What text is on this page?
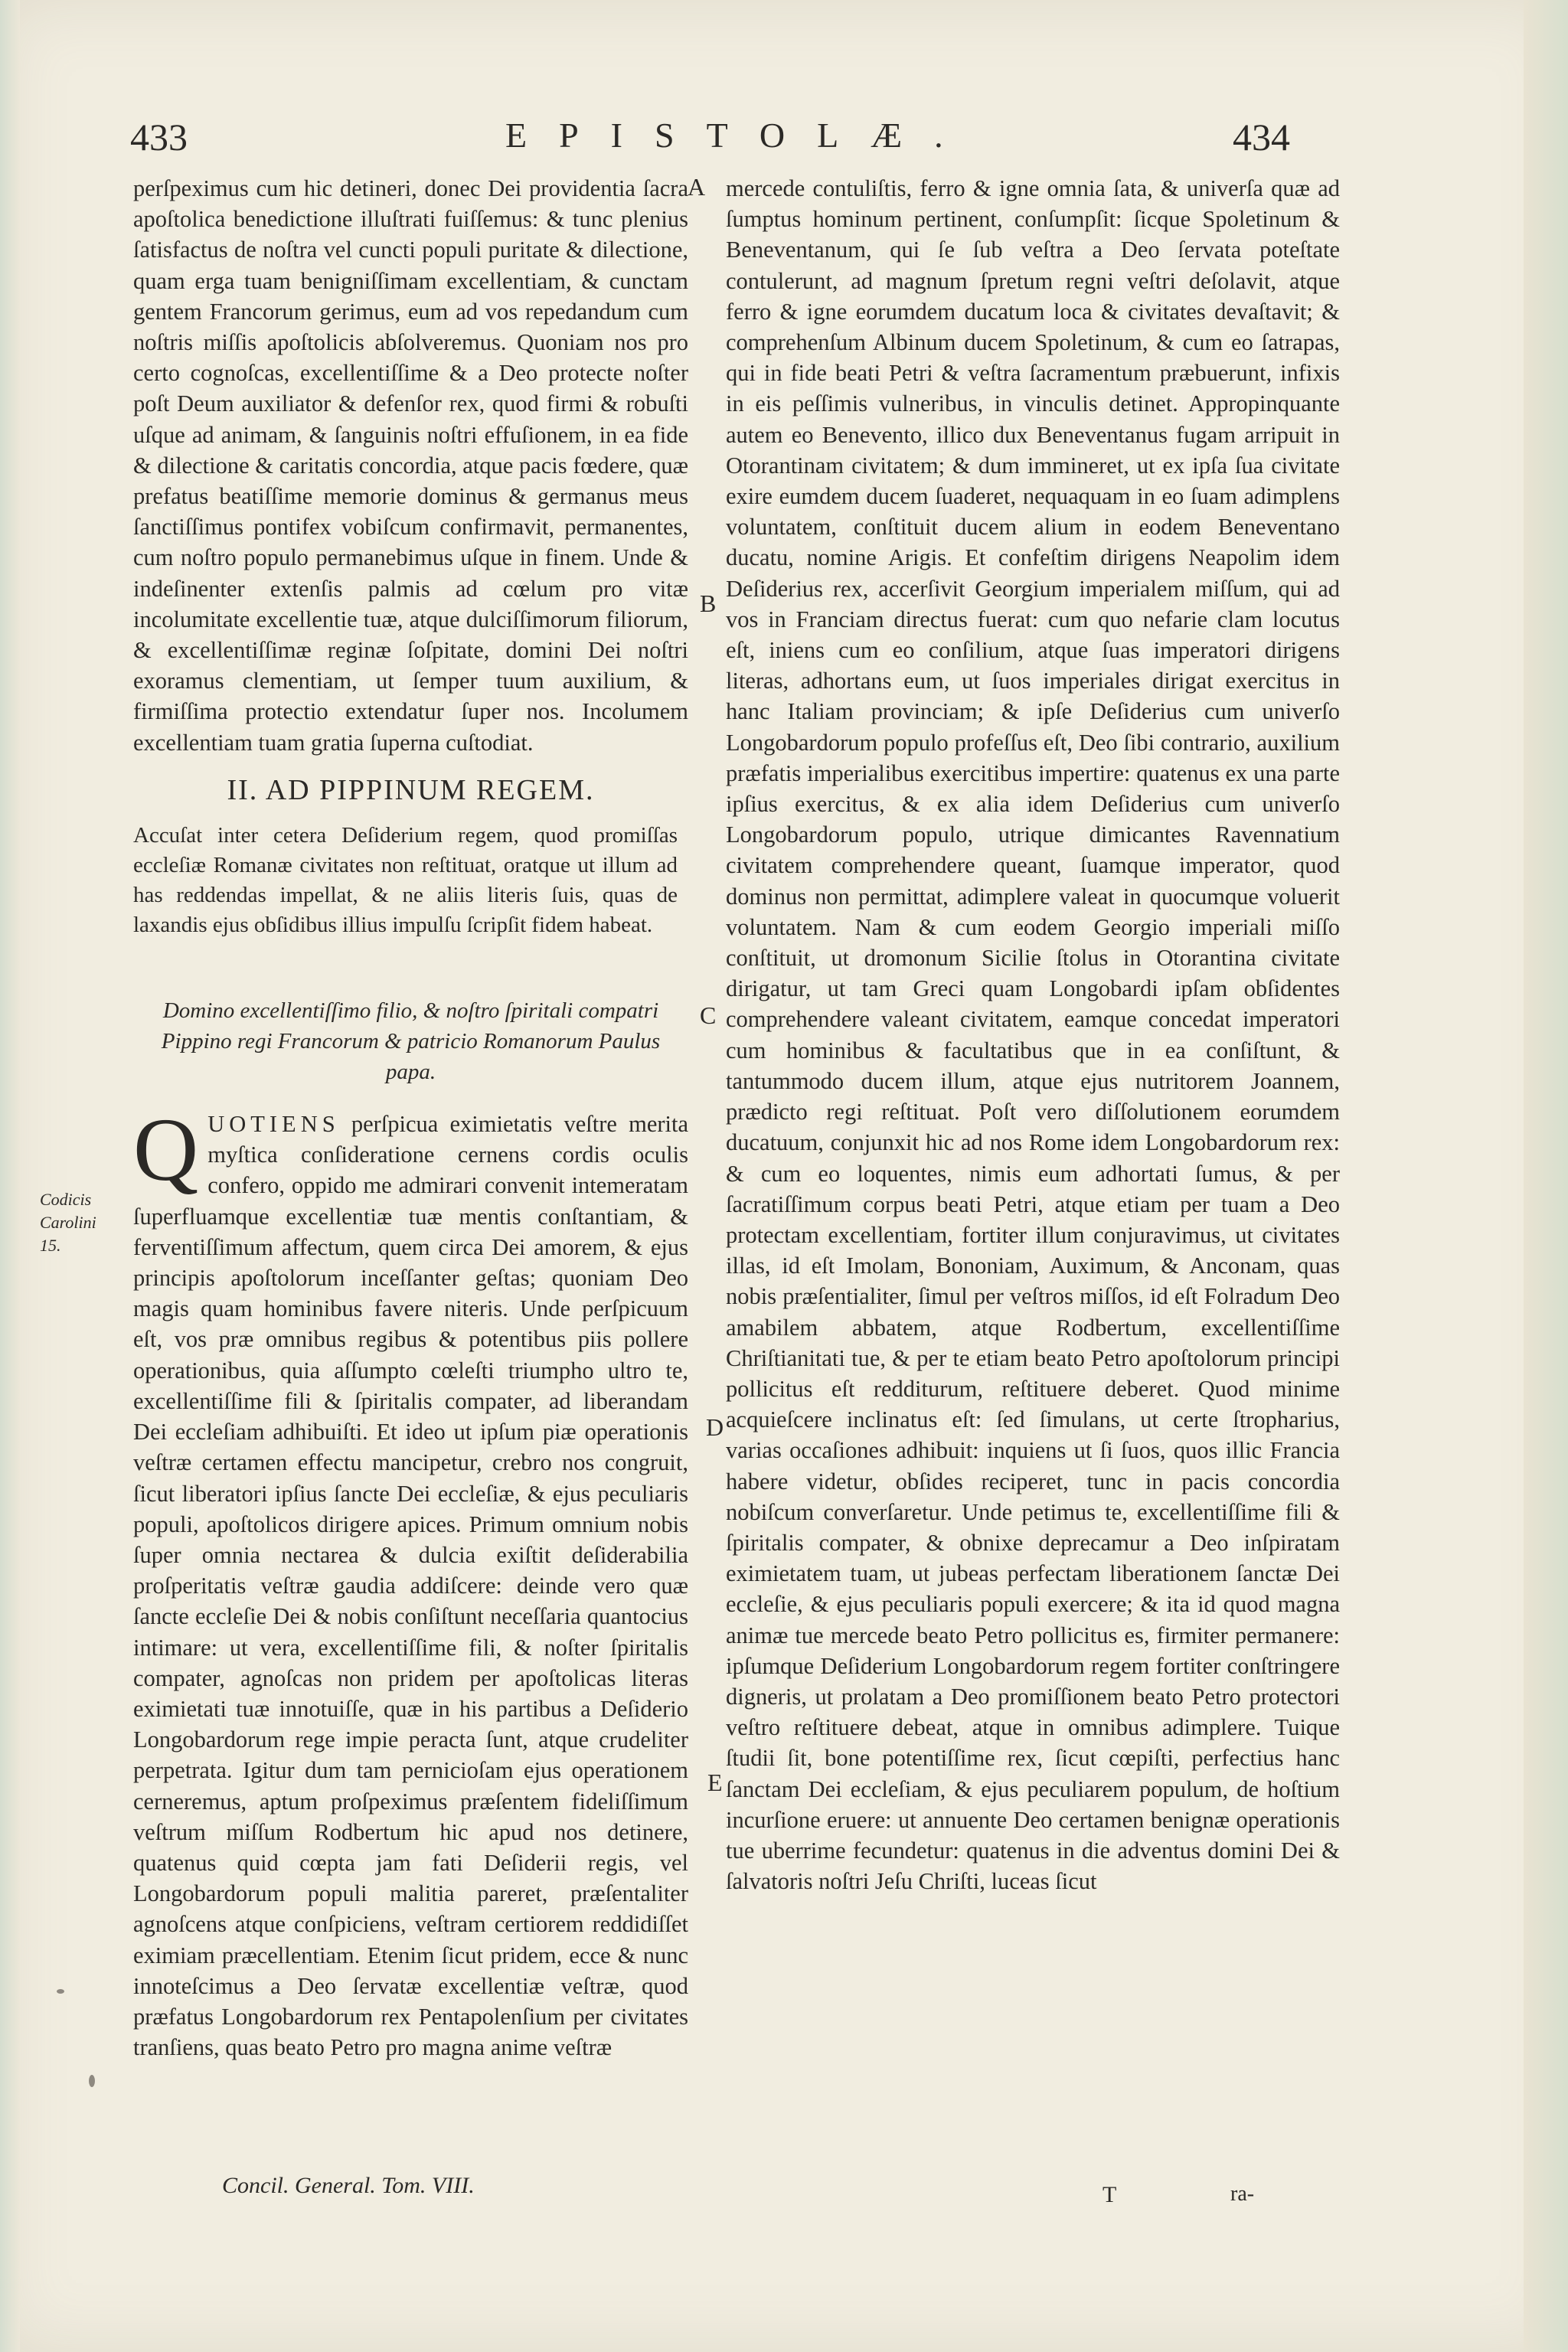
433	EPISTOLÆ.	434

perſpeximus cum hic detineri, donec Dei providentia ſacra apoſtolica benedictione illuſtrati fuiſſemus: & tunc plenius ſatisfactus de noſtra vel cuncti populi puritate & dilectione, quam erga tuam benigniſſimam excellentiam, & cunctam gentem Francorum gerimus, eum ad vos repedandum cum noſtris miſſis apoſtolicis abſolveremus. Quoniam nos pro certo cognoſcas, excellentiſſime & a Deo protecte noſter poſt Deum auxiliator & defenſor rex, quod firmi & robuſti uſque ad animam, & ſanguinis noſtri effuſionem, in ea fide & dilectione & caritatis concordia, atque pacis fœdere, quæ prefatus beatiſſime memorie dominus & germanus meus ſanctiſſimus pontifex vobiſcum confirmavit, permanentes, cum noſtro populo permanebimus uſque in finem. Unde & indeſinenter extenſis palmis ad cœlum pro vitæ incolumitate excellentie tuæ, atque dulciſſimorum filiorum, & excellentiſſimæ reginæ ſoſpitate, domini Dei noſtri exoramus clementiam, ut ſemper tuum auxilium, & firmiſſima protectio extendatur ſuper nos. Incolumem excellentiam tuam gratia ſuperna cuſtodiat.

II. AD PIPPINUM REGEM.

Accuſat inter cetera Deſiderium regem, quod promiſſas eccleſiæ Romanæ civitates non reſtituat, oratque ut illum ad has reddendas impellat, & ne aliis literis ſuis, quas de laxandis ejus obſidibus illius impulſu ſcripſit fidem habeat.

Domino excellentiſſimo filio, & noſtro ſpiritali compatri Pippino regi Francorum & patricio Romanorum Paulus papa.

QUOTIENS perſpicua eximietatis veſtre merita myſtica conſideratione cernens cordis oculis confero, oppido me admirari convenit intemeratam ſuperfluamque excellentiæ tuæ mentis conſtantiam, & ferventiſſimum affectum, quem circa Dei amorem, & ejus principis apoſtolorum inceſſanter geſtas; quoniam Deo magis quam hominibus favere niteris. Unde perſpicuum eſt, vos præ omnibus regibus & potentibus piis pollere operationibus, quia aſſumpto cœleſti triumpho ultro te, excellentiſſime fili & ſpiritalis compater, ad liberandam Dei eccleſiam adhibuiſti. Et ideo ut ipſum piæ operationis veſtræ certamen effectu mancipetur, crebro nos congruit, ſicut liberatori ipſius ſancte Dei eccleſiæ, & ejus peculiaris populi, apoſtolicos dirigere apices. Primum omnium nobis ſuper omnia nectarea & dulcia exiſtit deſiderabilia proſperitatis veſtræ gaudia addiſcere: deinde vero quæ ſancte eccleſie Dei & nobis conſiſtunt neceſſaria quantocius intimare: ut vera, excellentiſſime fili, & noſter ſpiritalis compater, agnoſcas non pridem per apoſtolicas literas eximietati tuæ innotuiſſe, quæ in his partibus a Deſiderio Longobardorum rege impie peracta ſunt, atque crudeliter perpetrata. Igitur dum tam pernicioſam ejus operationem cerneremus, aptum proſpeximus præſentem fideliſſimum veſtrum miſſum Rodbertum hic apud nos detinere, quatenus quid cœpta jam fati Deſiderii regis, vel Longobardorum populi malitia pareret, præſentaliter agnoſcens atque conſpiciens, veſtram certiorem reddidiſſet eximiam præcellentiam. Etenim ſicut pridem, ecce & nunc innoteſcimus a Deo ſervatæ excellentiæ veſtræ, quod præfatus Longobardorum rex Pentapolenſium per civitates tranſiens, quas beato Petro pro magna anime veſtræ

Codicis Carolini 15.

mercede contuliſtis, ferro & igne omnia ſata, & univerſa quæ ad ſumptus hominum pertinent, conſumpſit: ſicque Spoletinum & Beneventanum, qui ſe ſub veſtra a Deo ſervata poteſtate contulerunt, ad magnum ſpretum regni veſtri deſolavit, atque ferro & igne eorumdem ducatum loca & civitates devaſtavit; & comprehenſum Albinum ducem Spoletinum, & cum eo ſatrapas, qui in fide beati Petri & veſtra ſacramentum præbuerunt, infixis in eis peſſimis vulneribus, in vinculis detinet. Appropinquante autem eo Benevento, illico dux Beneventanus fugam arripuit in Otorantinam civitatem; & dum immineret, ut ex ipſa ſua civitate exire eumdem ducem ſuaderet, nequaquam in eo ſuam adimplens voluntatem, conſtituit ducem alium in eodem Beneventano ducatu, nomine Arigis. Et confeſtim dirigens Neapolim idem Deſiderius rex, accerſivit Georgium imperialem miſſum, qui ad vos in Franciam directus fuerat: cum quo nefarie clam locutus eſt, iniens cum eo conſilium, atque ſuas imperatori dirigens literas, adhortans eum, ut ſuos imperiales dirigat exercitus in hanc Italiam provinciam; & ipſe Deſiderius cum univerſo Longobardorum populo profeſſus eſt, Deo ſibi contrario, auxilium præfatis imperialibus exercitibus impertire: quatenus ex una parte ipſius exercitus, & ex alia idem Deſiderius cum univerſo Longobardorum populo, utrique dimicantes Ravennatium civitatem comprehendere queant, ſuamque imperator, quod dominus non permittat, adimplere valeat in quocumque voluerit voluntatem. Nam & cum eodem Georgio imperiali miſſo conſtituit, ut dromonum Sicilie ſtolus in Otorantina civitate dirigatur, ut tam Greci quam Longobardi ipſam obſidentes comprehendere valeant civitatem, eamque concedat imperatori cum hominibus & facultatibus que in ea conſiſtunt, & tantummodo ducem illum, atque ejus nutritorem Joannem, prædicto regi reſtituat. Poſt vero diſſolutionem eorumdem ducatuum, conjunxit hic ad nos Rome idem Longobardorum rex: & cum eo loquentes, nimis eum adhortati ſumus, & per ſacratiſſimum corpus beati Petri, atque etiam per tuam a Deo protectam excellentiam, fortiter illum conjuravimus, ut civitates illas, id eſt Imolam, Bononiam, Auximum, & Anconam, quas nobis præſentialiter, ſimul per veſtros miſſos, id eſt Folradum Deo amabilem abbatem, atque Rodbertum, excellentiſſime Chriſtianitati tue, & per te etiam beato Petro apoſtolorum principi pollicitus eſt redditurum, reſtituere deberet. Quod minime acquieſcere inclinatus eſt: ſed ſimulans, ut certe ſtropharius, varias occaſiones adhibuit: inquiens ut ſi ſuos, quos illic Francia habere videtur, obſides reciperet, tunc in pacis concordia nobiſcum converſaretur. Unde petimus te, excellentiſſime fili & ſpiritalis compater, & obnixe deprecamur a Deo inſpiratam eximietatem tuam, ut jubeas perfectam liberationem ſanctæ Dei eccleſie, & ejus peculiaris populi exercere; & ita id quod magna animæ tue mercede beato Petro pollicitus es, firmiter permanere: ipſumque Deſiderium Longobardorum regem fortiter conſtringere digneris, ut prolatam a Deo promiſſionem beato Petro protectori veſtro reſtituere debeat, atque in omnibus adimplere. Tuique ſtudii ſit, bone potentiſſime rex, ſicut cœpiſti, perfectius hanc ſanctam Dei eccleſiam, & ejus peculiarem populum, de hoſtium incurſione eruere: ut annuente Deo certamen benignæ operationis tue uberrime fecundetur: quatenus in die adventus domini Dei & ſalvatoris noſtri Jeſu Chriſti, luceas ſicut

A
B
C
D
E
Concil. General. Tom. VIII.	T	ra-
